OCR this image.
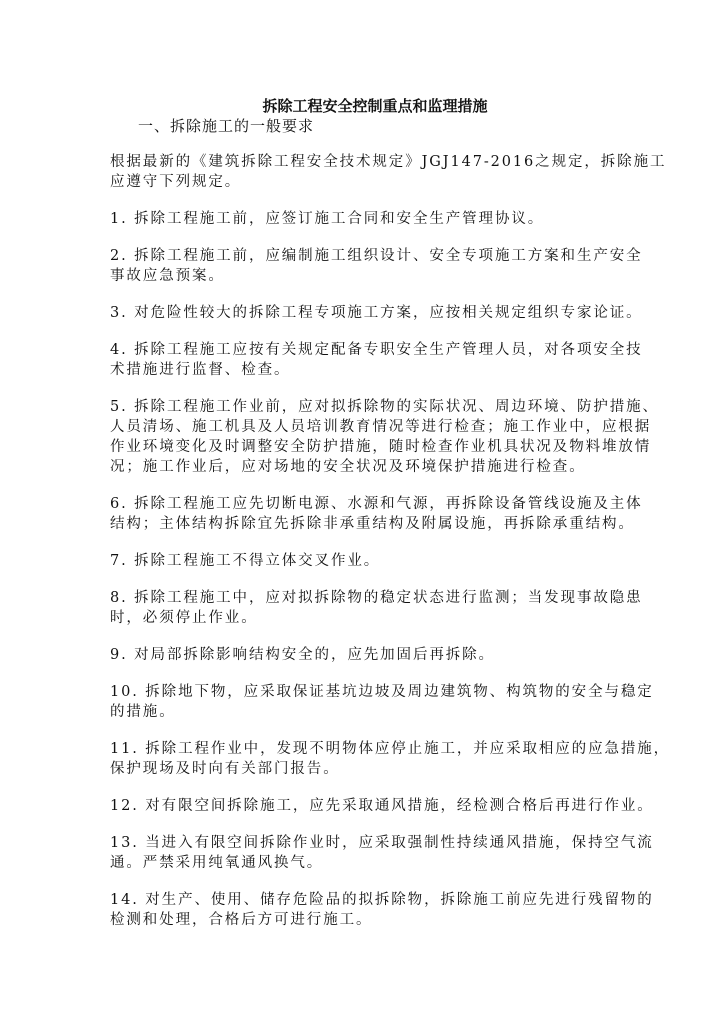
拆除工程安全控制重点和监理措施
一、拆除施工的一般要求
根据最新的《建筑拆除工程安全技术规定》JGJ147-2016之规定，拆除施工
应遵守下列规定。
1. 拆除工程施工前，应签订施工合同和安全生产管理协议。
2. 拆除工程施工前，应编制施工组织设计、安全专项施工方案和生产安全
事故应急预案。
3. 对危险性较大的拆除工程专项施工方案，应按相关规定组织专家论证。
4. 拆除工程施工应按有关规定配备专职安全生产管理人员，对各项安全技
术措施进行监督、检查。
5. 拆除工程施工作业前，应对拟拆除物的实际状况、周边环境、防护措施、
人员清场、施工机具及人员培训教育情况等进行检查；施工作业中，应根据
作业环境变化及时调整安全防护措施，随时检查作业机具状况及物料堆放情
况；施工作业后，应对场地的安全状况及环境保护措施进行检查。
6. 拆除工程施工应先切断电源、水源和气源，再拆除设备管线设施及主体
结构；主体结构拆除宜先拆除非承重结构及附属设施，再拆除承重结构。
7. 拆除工程施工不得立体交叉作业。
8. 拆除工程施工中，应对拟拆除物的稳定状态进行监测；当发现事故隐患
时，必须停止作业。
9. 对局部拆除影响结构安全的，应先加固后再拆除。
10. 拆除地下物，应采取保证基坑边坡及周边建筑物、构筑物的安全与稳定
的措施。
11. 拆除工程作业中，发现不明物体应停止施工，并应采取相应的应急措施，
保护现场及时向有关部门报告。
12. 对有限空间拆除施工，应先采取通风措施，经检测合格后再进行作业。
13. 当进入有限空间拆除作业时，应采取强制性持续通风措施，保持空气流
通。严禁采用纯氧通风换气。
14. 对生产、使用、储存危险品的拟拆除物，拆除施工前应先进行残留物的
检测和处理，合格后方可进行施工。
